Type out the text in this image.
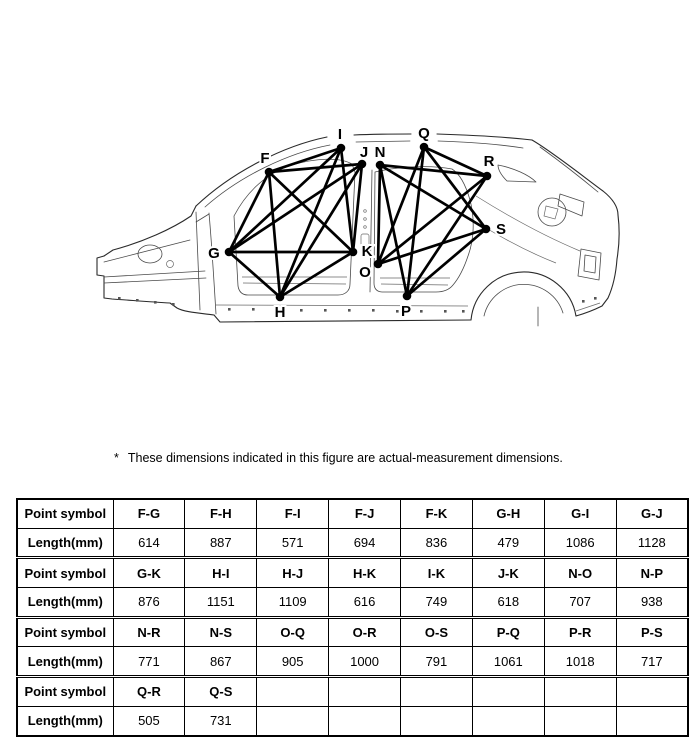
F
G
H
I
J
K
N
O
P
Q
R
S
* These dimensions indicated in this figure are actual-measurement dimensions.
Point symbol	F-G	F-H	F-I	F-J	F-K	G-H	G-I	G-J
Length(mm)	614	887	571	694	836	479	1086	1128
Point symbol	G-K	H-I	H-J	H-K	I-K	J-K	N-O	N-P
Length(mm)	876	1151	1109	616	749	618	707	938
Point symbol	N-R	N-S	O-Q	O-R	O-S	P-Q	P-R	P-S
Length(mm)	771	867	905	1000	791	1061	1018	717
Point symbol	Q-R	Q-S						
Length(mm)	505	731						
